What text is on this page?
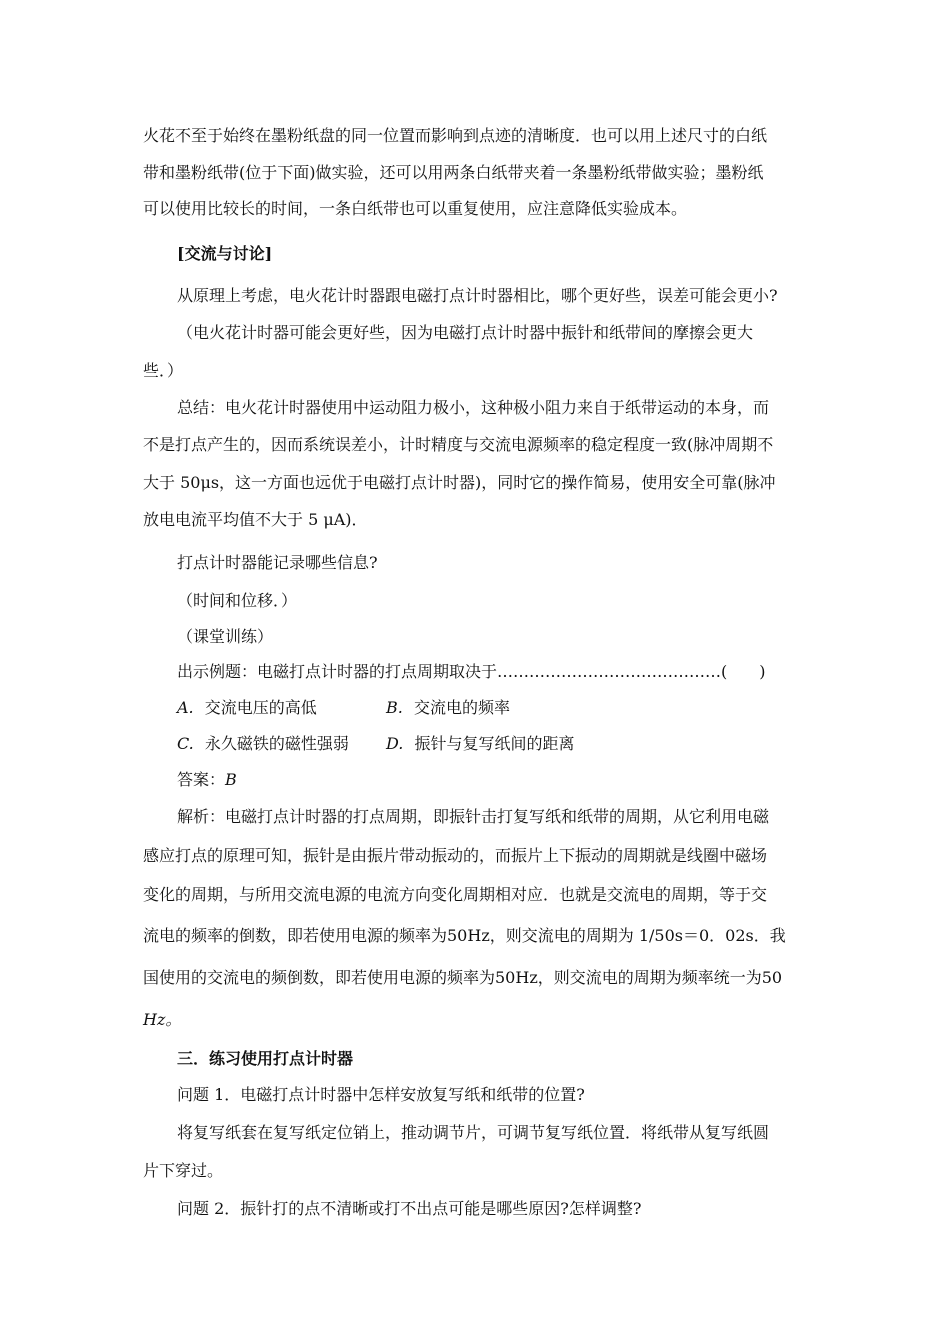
火花不至于始终在墨粉纸盘的同一位置而影响到点迹的清晰度．也可以用上述尺寸的白纸
带和墨粉纸带(位于下面)做实验，还可以用两条白纸带夹着一条墨粉纸带做实验；墨粉纸
可以使用比较长的时间，一条白纸带也可以重复使用，应注意降低实验成本。
[交流与讨论]
从原理上考虑，电火花计时器跟电磁打点计时器相比，哪个更好些，误差可能会更小?
（电火花计时器可能会更好些，因为电磁打点计时器中振针和纸带间的摩擦会更大
些．）
总结：电火花计时器使用中运动阻力极小，这种极小阻力来自于纸带运动的本身，而
不是打点产生的，因而系统误差小，计时精度与交流电源频率的稳定程度一致(脉冲周期不
大于 50μs，这一方面也远优于电磁打点计时器)，同时它的操作简易，使用安全可靠(脉冲
放电电流平均值不大于 5 μA)．
打点计时器能记录哪些信息?
（时间和位移．）
（课堂训练）
出示例题：电磁打点计时器的打点周期取决于……………………………………(　　)
A. 交流电压的高低	B. 交流电的频率
C. 永久磁铁的磁性强弱 D. 振针与复写纸间的距离
答案：B
解析：电磁打点计时器的打点周期，即振针击打复写纸和纸带的周期，从它利用电磁
感应打点的原理可知，振针是由振片带动振动的，而振片上下振动的周期就是线圈中磁场
变化的周期，与所用交流电源的电流方向变化周期相对应．也就是交流电的周期，等于交
流电的频率的倒数，即若使用电源的频率为50Hz，则交流电的周期为 1/50s＝0．02s．我
国使用的交流电的频倒数，即若使用电源的频率为50Hz，则交流电的周期为频率统一为50
Hz。
三．练习使用打点计时器
问题 1．电磁打点计时器中怎样安放复写纸和纸带的位置?
将复写纸套在复写纸定位销上，推动调节片，可调节复写纸位置．将纸带从复写纸圆
片下穿过。
问题 2．振针打的点不清晰或打不出点可能是哪些原因?怎样调整?
